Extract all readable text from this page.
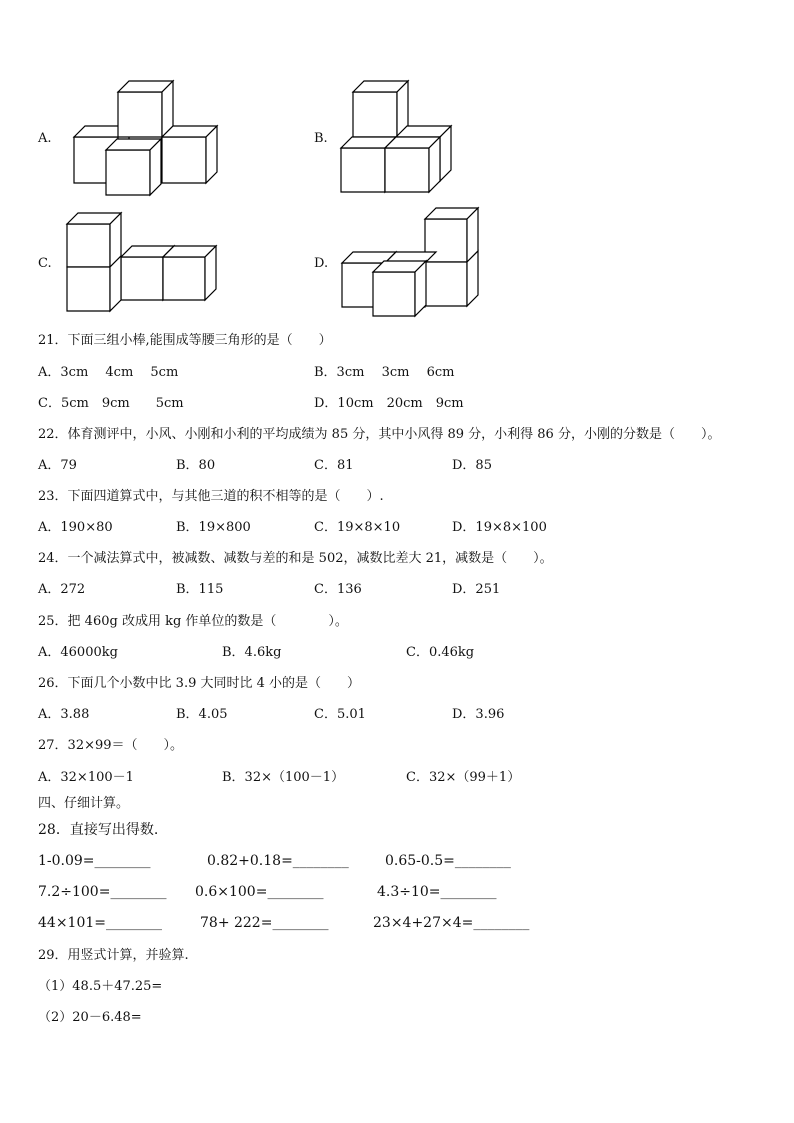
A.	B.
C.	D.
21．下面三组小棒,能围成等腰三角形的是（　　）
A．3cm　 4cm　 5cm	B．3cm　 3cm　 6cm
C．5cm　9cm　　5cm	D．10cm　20cm　9cm
22．体育测评中，小风、小刚和小利的平均成绩为 85 分，其中小风得 89 分，小利得 86 分，小刚的分数是（　　）。
A．79	B．80	C．81	D．85
23．下面四道算式中，与其他三道的积不相等的是（　　）.
A．190×80	B．19×800	C．19×8×10	D．19×8×100
24．一个减法算式中，被减数、减数与差的和是 502，减数比差大 21，减数是（　　）。
A．272	B．115	C．136	D．251
25．把 460g 改成用 kg 作单位的数是（　　　　）。
A．46000kg	B．4.6kg	C．0.46kg
26．下面几个小数中比 3.9 大同时比 4 小的是（　　）
A．3.88	B．4.05	C．5.01	D．3.96
27．32×99＝（　　）。
A．32×100－1	B．32×（100－1）	C．32×（99＋1）
四、仔细计算。
28．直接写出得数.
1-0.09=________	0.82+0.18=________	0.65-0.5=________
7.2÷100=________ 0.6×100=________	4.3÷10=________
44×101=________	78+ 222=________	23×4+27×4=________
29．用竖式计算，并验算.
（1）48.5＋47.25=
（2）20－6.48=
